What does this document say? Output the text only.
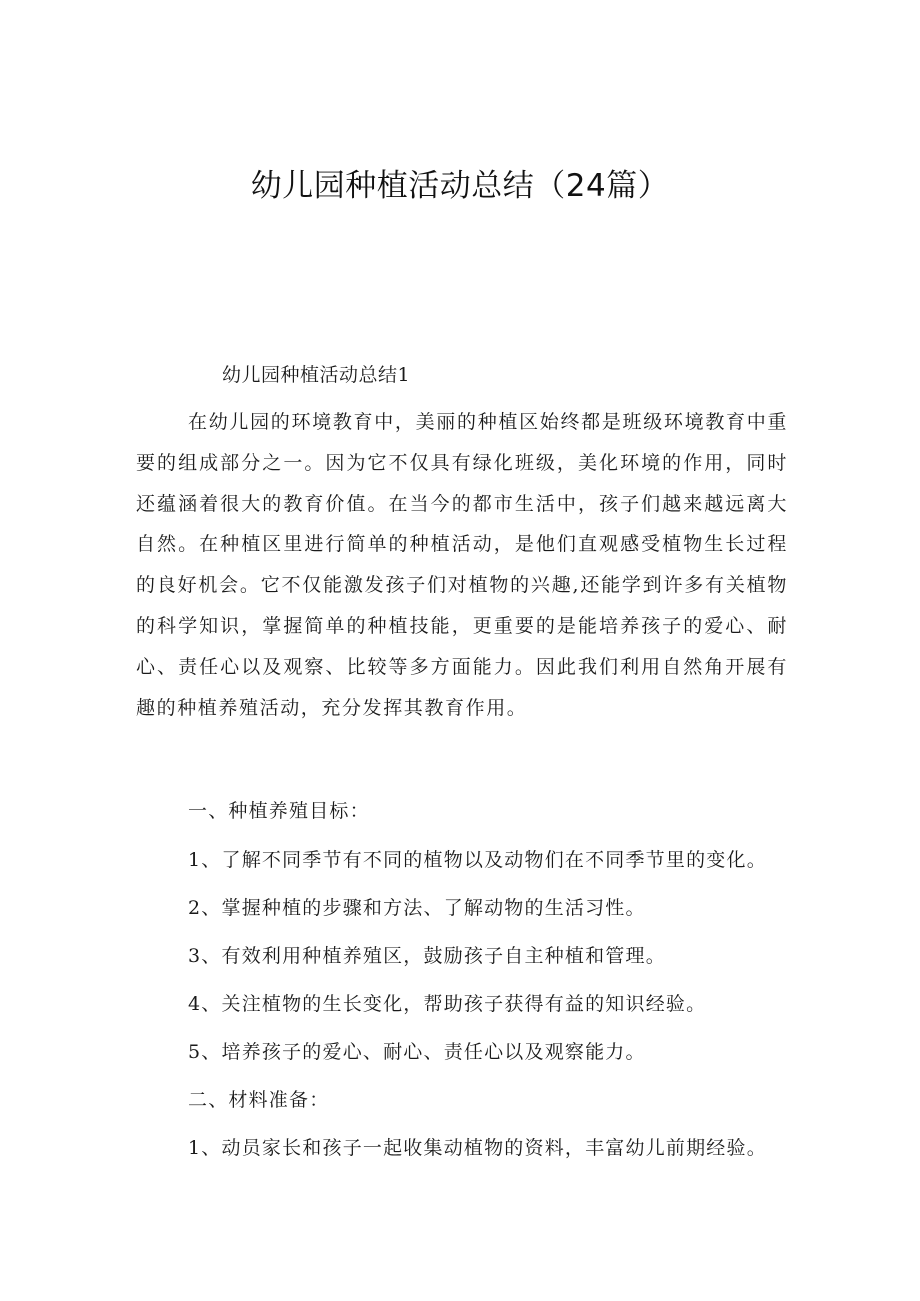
幼儿园种植活动总结（24篇）
幼儿园种植活动总结1

在幼儿园的环境教育中，美丽的种植区始终都是班级环境教育中重要的组成部分之一。因为它不仅具有绿化班级，美化环境的作用，同时还蕴涵着很大的教育价值。在当今的都市生活中，孩子们越来越远离大自然。在种植区里进行简单的种植活动，是他们直观感受植物生长过程的良好机会。它不仅能激发孩子们对植物的兴趣,还能学到许多有关植物的科学知识，掌握简单的种植技能，更重要的是能培养孩子的爱心、耐心、责任心以及观察、比较等多方面能力。因此我们利用自然角开展有趣的种植养殖活动，充分发挥其教育作用。

一、种植养殖目标：
1、了解不同季节有不同的植物以及动物们在不同季节里的变化。
2、掌握种植的步骤和方法、了解动物的生活习性。
3、有效利用种植养殖区，鼓励孩子自主种植和管理。
4、关注植物的生长变化，帮助孩子获得有益的知识经验。
5、培养孩子的爱心、耐心、责任心以及观察能力。
二、材料准备：
1、动员家长和孩子一起收集动植物的资料，丰富幼儿前期经验。
